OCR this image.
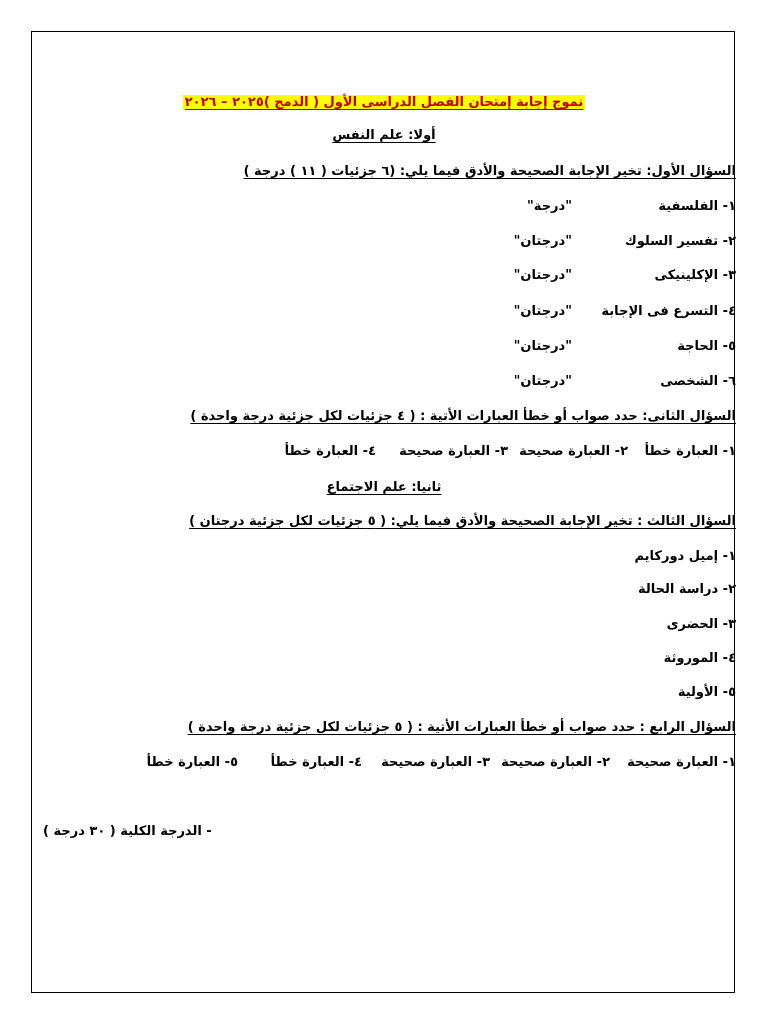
نموج إجابة إمتحان الفصل الدراسى الأول ( الدمج )٢٠٢٥ – ٢٠٢٦
أولا: علم النفس
السؤال الأول: تخير الإجابة الصحيحة والأدق فيما يلي: (٦ جزئيات ( ١١ ) درجة )
١- الفلسفية
"درجة"
٢- تفسير السلوك
"درجتان"
٣- الإكلينيكى
"درجتان"
٤- التسرع فى الإجابة
"درجتان"
٥- الحاجة
"درجتان"
٦- الشخصى
"درجتان"
السؤال الثانى: حدد صواب أو خطأ العبارات الأتية : ( ٤ جزئيات لكل جزئية درجة واحدة )
١- العبارة خطأ
٢- العبارة صحيحة
٣- العبارة صحيحة
٤- العبارة خطأ
ثانيا: علم الاجتماع
السؤال الثالث : تخير الإجابة الصحيحة والأدق فيما يلي: ( ٥ جزئيات لكل جزئية درجتان )
١- إميل دوركايم
٢- دراسة الحالة
٣- الحضرى
٤- الموروثة
٥- الأولية
السؤال الرابع : حدد صواب أو خطأ العبارات الأتية : ( ٥ جزئيات لكل جزئية درجة واحدة )
١- العبارة صحيحة
٢- العبارة صحيحة
٣- العبارة صحيحة
٤- العبارة خطأ
٥- العبارة خطأ
- الدرجة الكلية ( ٣٠ درجة )
